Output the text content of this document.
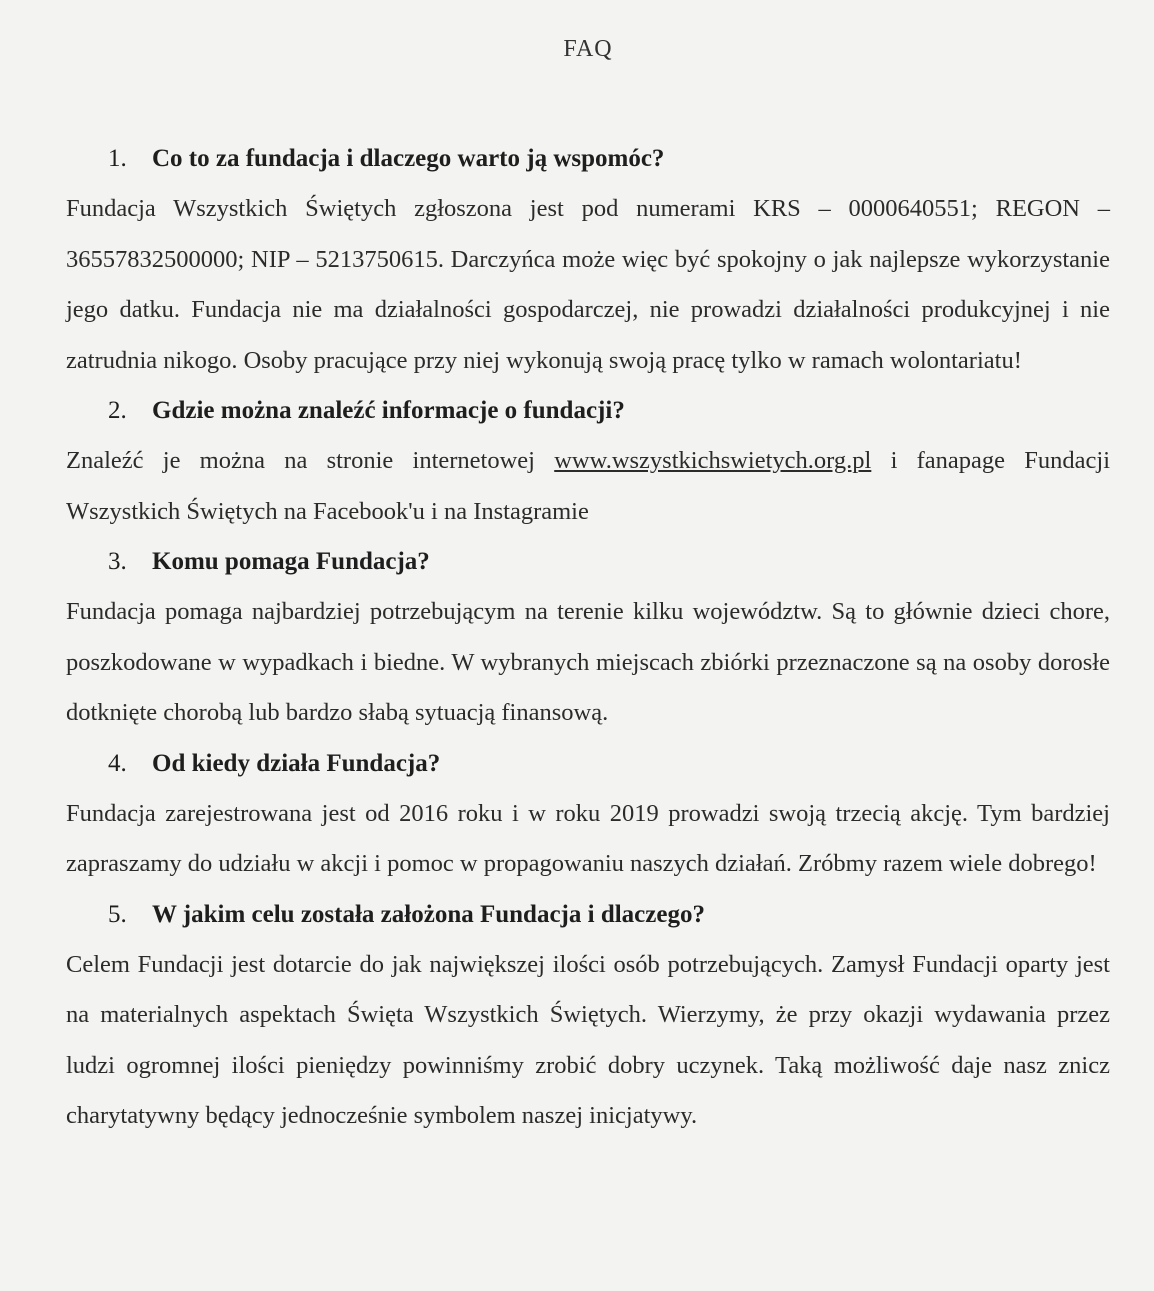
FAQ

1. Co to za fundacja i dlaczego warto ją wspomóc?

Fundacja Wszystkich Świętych zgłoszona jest pod numerami KRS – 0000640551; REGON – 36557832500000; NIP – 5213750615. Darczyńca może więc być spokojny o jak najlepsze wykorzystanie jego datku. Fundacja nie ma działalności gospodarczej, nie prowadzi działalności produkcyjnej i nie zatrudnia nikogo. Osoby pracujące przy niej wykonują swoją pracę tylko w ramach wolontariatu!

2. Gdzie można znaleźć informacje o fundacji?

Znaleźć je można na stronie internetowej www.wszystkichswietych.org.pl i fanapage Fundacji Wszystkich Świętych na Facebook'u i na Instagramie

3. Komu pomaga Fundacja?

Fundacja pomaga najbardziej potrzebującym na terenie kilku województw. Są to głównie dzieci chore, poszkodowane w wypadkach i biedne. W wybranych miejscach zbiórki przeznaczone są na osoby dorosłe dotknięte chorobą lub bardzo słabą sytuacją finansową.

4. Od kiedy działa Fundacja?

Fundacja zarejestrowana jest od 2016 roku i w roku 2019 prowadzi swoją trzecią akcję. Tym bardziej zapraszamy do udziału w akcji i pomoc w propagowaniu naszych działań. Zróbmy razem wiele dobrego!

5. W jakim celu została założona Fundacja i dlaczego?

Celem Fundacji jest dotarcie do jak największej ilości osób potrzebujących. Zamysł Fundacji oparty jest na materialnych aspektach Święta Wszystkich Świętych. Wierzymy, że przy okazji wydawania przez ludzi ogromnej ilości pieniędzy powinniśmy zrobić dobry uczynek. Taką możliwość daje nasz znicz charytatywny będący jednocześnie symbolem naszej inicjatywy.
